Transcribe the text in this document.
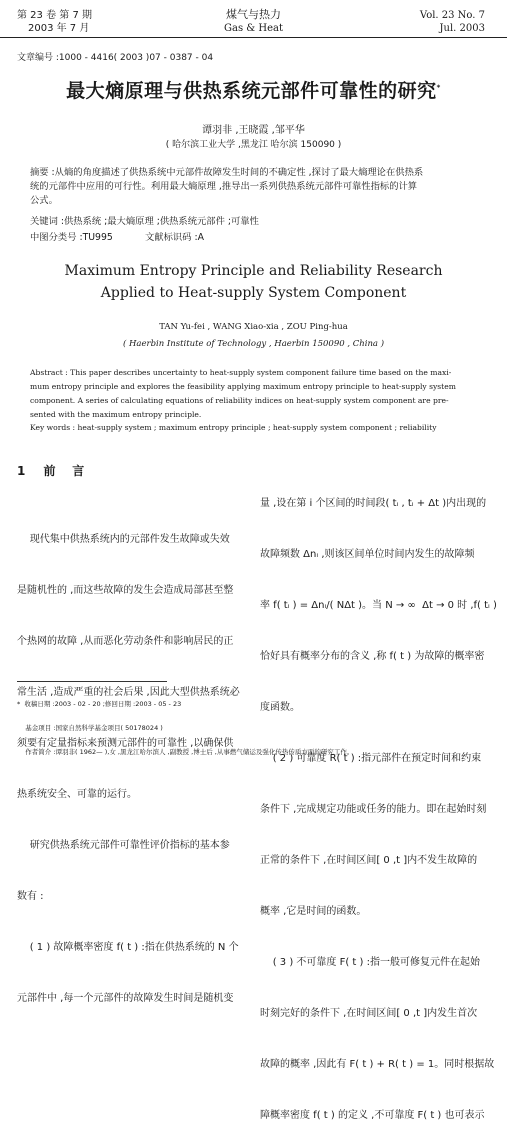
第 23 卷 第 7 期
2003 年 7 月
煤气与热力
Gas & Heat
Vol. 23 No. 7
Jul. 2003
文章编号 :1000 - 4416( 2003 )07 - 0387 - 04
最大熵原理与供热系统元部件可靠性的研究*
谭羽非 ,王晓霞 ,邹平华
( 哈尔滨工业大学 ,黑龙江 哈尔滨 150090 )
摘要 :从熵的角度描述了供热系统中元部件故障发生时间的不确定性 ,探讨了最大熵理论在供热系
统的元部件中应用的可行性。利用最大熵原理 ,推导出一系列供热系统元部件可靠性指标的计算
公式。
关键词 :供热系统 ;最大熵原理 ;供热系统元部件 ;可靠性
中图分类号 :TU995	文献标识码 :A
Maximum Entropy Principle and Reliability Research
Applied to Heat-supply System Component
TAN Yu-fei , WANG Xiao-xia , ZOU Ping-hua
( Haerbin Institute of Technology , Haerbin 150090 , China )
Abstract : This paper describes uncertainty to heat-supply system component failure time based on the maxi-
mum entropy principle and explores the feasibility applying maximum entropy principle to heat-supply system
component. A series of calculating equations of reliability indices on heat-supply system component are pre-
sented with the maximum entropy principle.
Key words : heat-supply system ; maximum entropy principle ; heat-supply system component ; reliability
1 前    言

现代集中供热系统内的元部件发生故障或失效

是随机性的 ,而这些故障的发生会造成局部甚至整

个热网的故障 ,从而恶化劳动条件和影响居民的正

常生活 ,造成严重的社会后果 ,因此大型供热系统必

须要有定量指标来预测元部件的可靠性 ,以确保供

热系统安全、可靠的运行。

研究供热系统元部件可靠性评价指标的基本参

数有 :

( 1 ) 故障概率密度 f( t ) :指在供热系统的 N 个

元部件中 ,每一个元部件的故障发生时间是随机变

量 ,设在第 i 个区间的时间段( tᵢ , tᵢ + Δt )内出现的

故障频数 Δnᵢ ,则该区间单位时间内发生的故障频

率 f( tᵢ ) = Δnᵢ/( NΔt )。当 N → ∞  Δt → 0 时 ,f( tᵢ )

恰好具有概率分布的含义 ,称 f( t ) 为故障的概率密

度函数。

( 2 ) 可靠度 R( t ) :指元部件在预定时间和约束

条件下 ,完成规定功能或任务的能力。即在起始时刻

正常的条件下 ,在时间区间[ 0 ,t ]内不发生故障的

概率 ,它是时间的函数。

( 3 ) 不可靠度 F( t ) :指一般可修复元件在起始

时刻完好的条件下 ,在时间区间[ 0 ,t ]内发生首次

故障的概率 ,因此有 F( t ) + R( t ) = 1。同时根据故

障概率密度 f( t ) 的定义 ,不可靠度 F( t ) 也可表示

*  收稿日期 :2003 - 02 - 20 ;修回日期 :2003 - 05 - 23

基金项目 :国家自然科学基金项目( 50178024 )

作者简介 :谭羽非( 1962— ),女 ,黑龙江哈尔滨人 ,副教授 ,博士后 ,从事燃气储运及强化传热传质方面的研究工作。
